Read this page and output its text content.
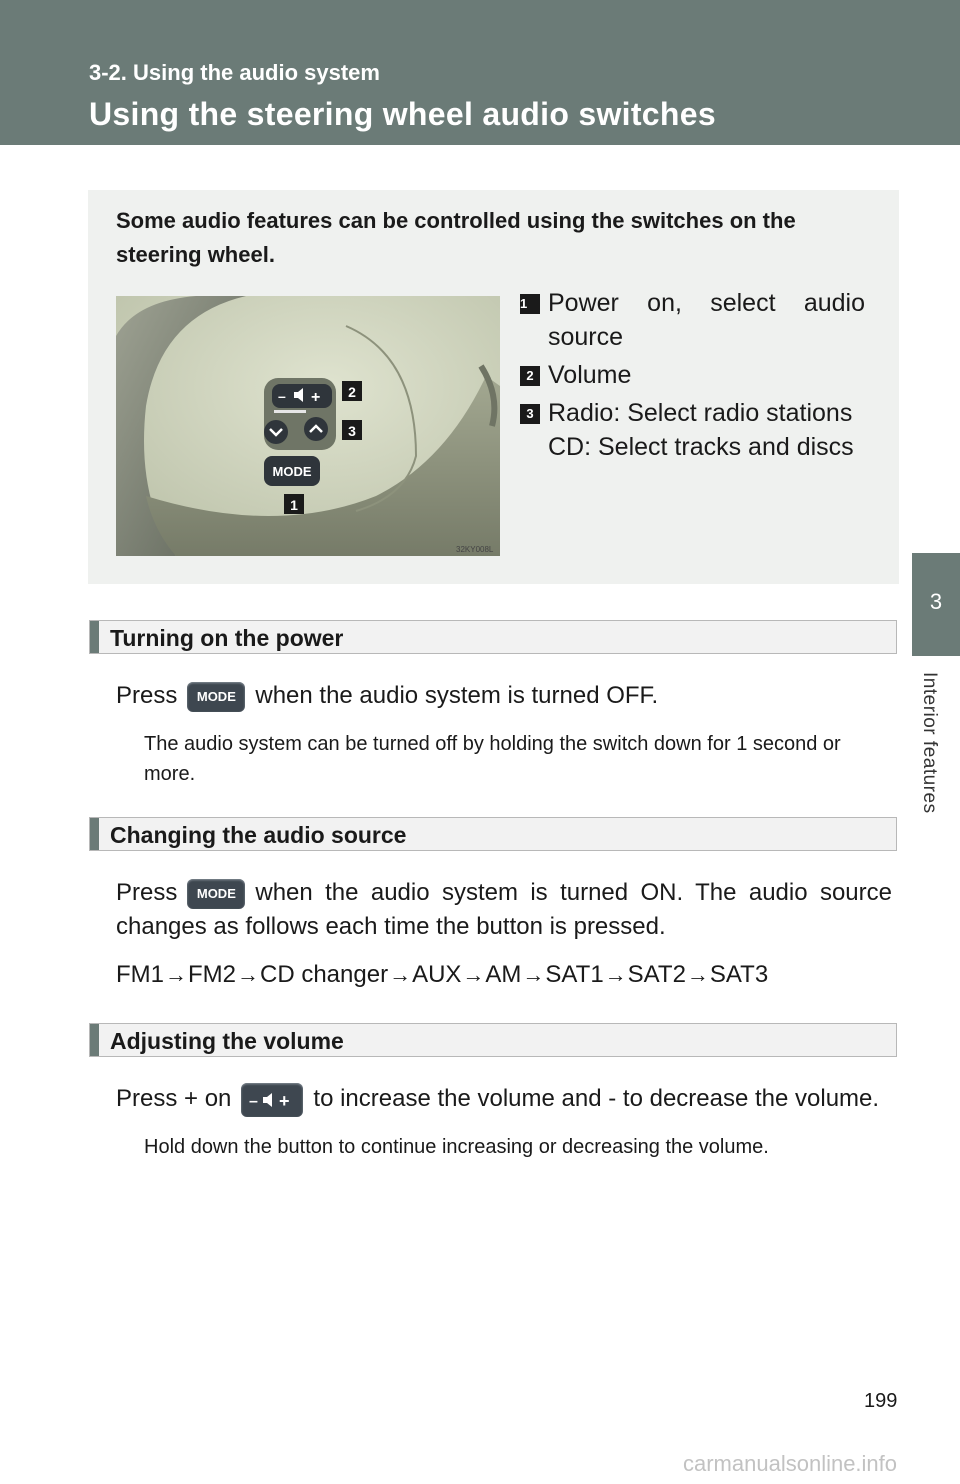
3-2. Using the audio system
Using the steering wheel audio switches
3
Interior features
Some audio features can be controlled using the switches on the steering wheel.
– +
MODE
2
3
1
32KY008L
1 Power on, select audio source
2 Volume
3 Radio: Select radio stations
CD: Select tracks and discs
Turning on the power
Press MODE when the audio system is turned OFF.
The audio system can be turned off by holding the switch down for 1 second or more.
Changing the audio source
Press MODE when the audio system is turned ON. The audio source changes as follows each time the button is pressed.
FM1→FM2→CD changer→AUX→AM→SAT1→SAT2→SAT3
Adjusting the volume
Press + on – + to increase the volume and - to decrease the volume.
Hold down the button to continue increasing or decreasing the volume.
199
carmanualsonline.info
